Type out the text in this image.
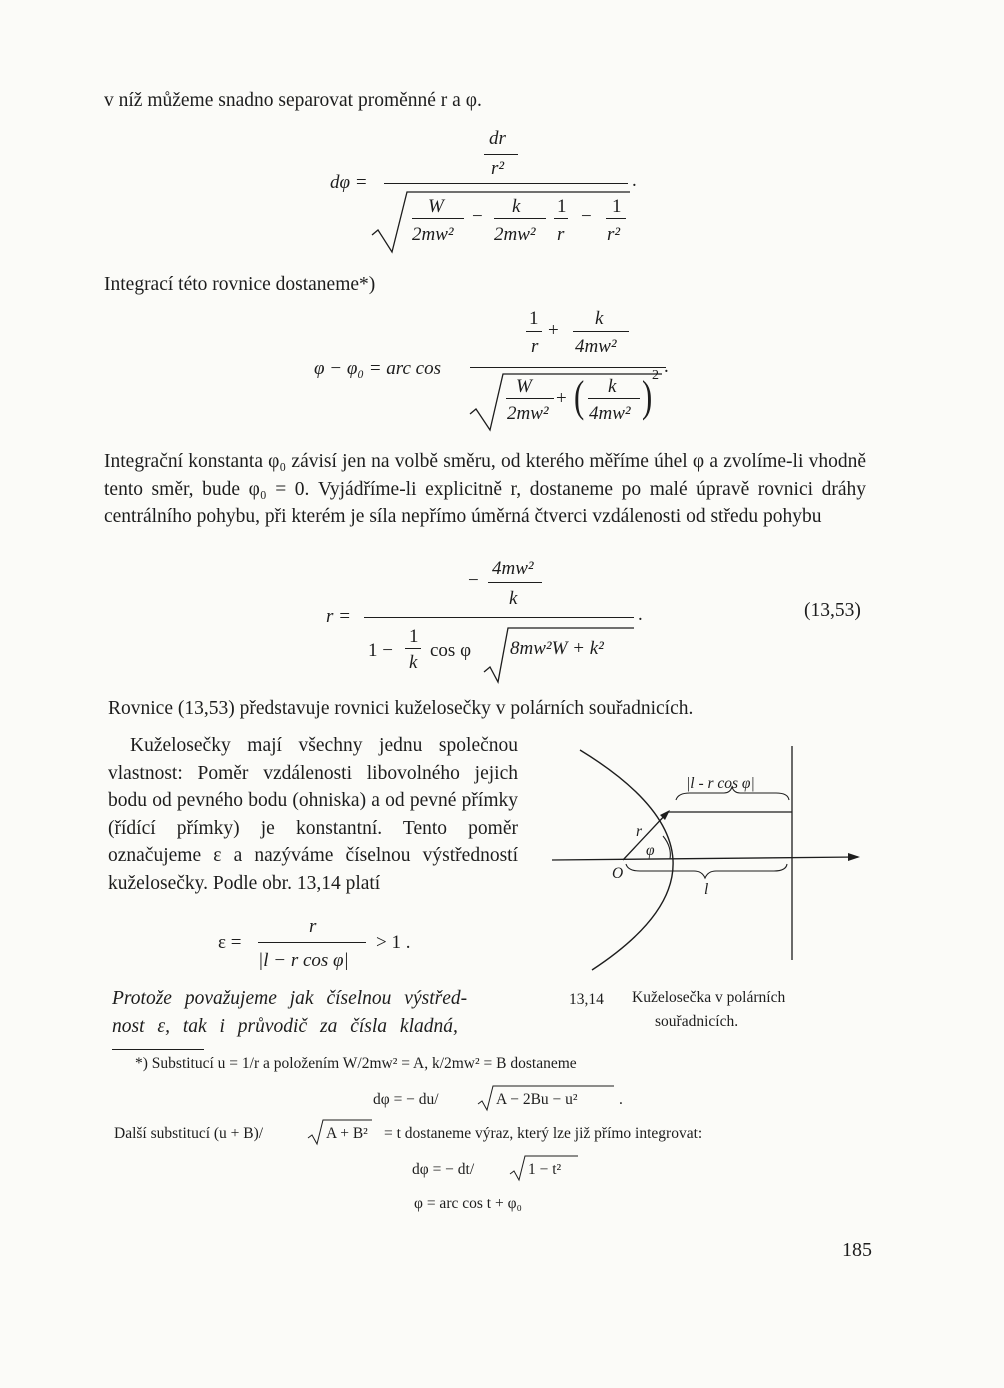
v níž můžeme snadno separovat proměnné r a φ.
dφ =
dr
r²
.
W
2mw²
− k
2mw²
1
r
− 1
r²
Integrací této rovnice dostaneme*)
φ − φ₀ = arc cos
1
r
+
k
4mw²
.
W
2mw²
+ ( k
4mw² ) 2
Integrační konstanta φ₀ závisí jen na volbě směru, od kterého měříme úhel φ a zvolíme-li vhodně tento směr, bude φ₀ = 0. Vyjádříme-li explicitně r, dostaneme po malé úpravě rovnici dráhy centrálního pohybu, při kterém je síla nepřímo úměrná čtverci vzdálenosti od středu pohybu
r =
−
4mw²
k
.
1 −
1
k
cos φ 8mw²W + k²
(13,53)
Rovnice (13,53) představuje rovnici kuželosečky v polárních souřadnicích.
Kuželosečky mají všechny jednu společnou vlastnost: Poměr vzdálenosti libovolného jejich bodu od pevného bodu (ohniska) a od pevné přímky (řídící přímky) je konstantní. Tento poměr označujeme ε a nazýváme číselnou výstředností kuželosečky. Podle obr. 13,14 platí
ε =
r
|l − r cos φ|
> 1 .
Protože považujeme jak číselnou výstřed-
nost ε, tak i průvodič za čísla kladná,
|l - r cos φ|
r
φ
O
l
13,14 Kuželosečka v polárních
souřadnicích.
*) Substitucí u = 1/r a položením W/2mw² = A, k/2mw² = B dostaneme
dφ = − du/	A − 2Bu − u²	.
Další substitucí (u + B)/	A + B² = t dostaneme výraz, který lze již přímo integrovat:
dφ = − dt/	1 − t²
φ = arc cos t + φ₀
185
